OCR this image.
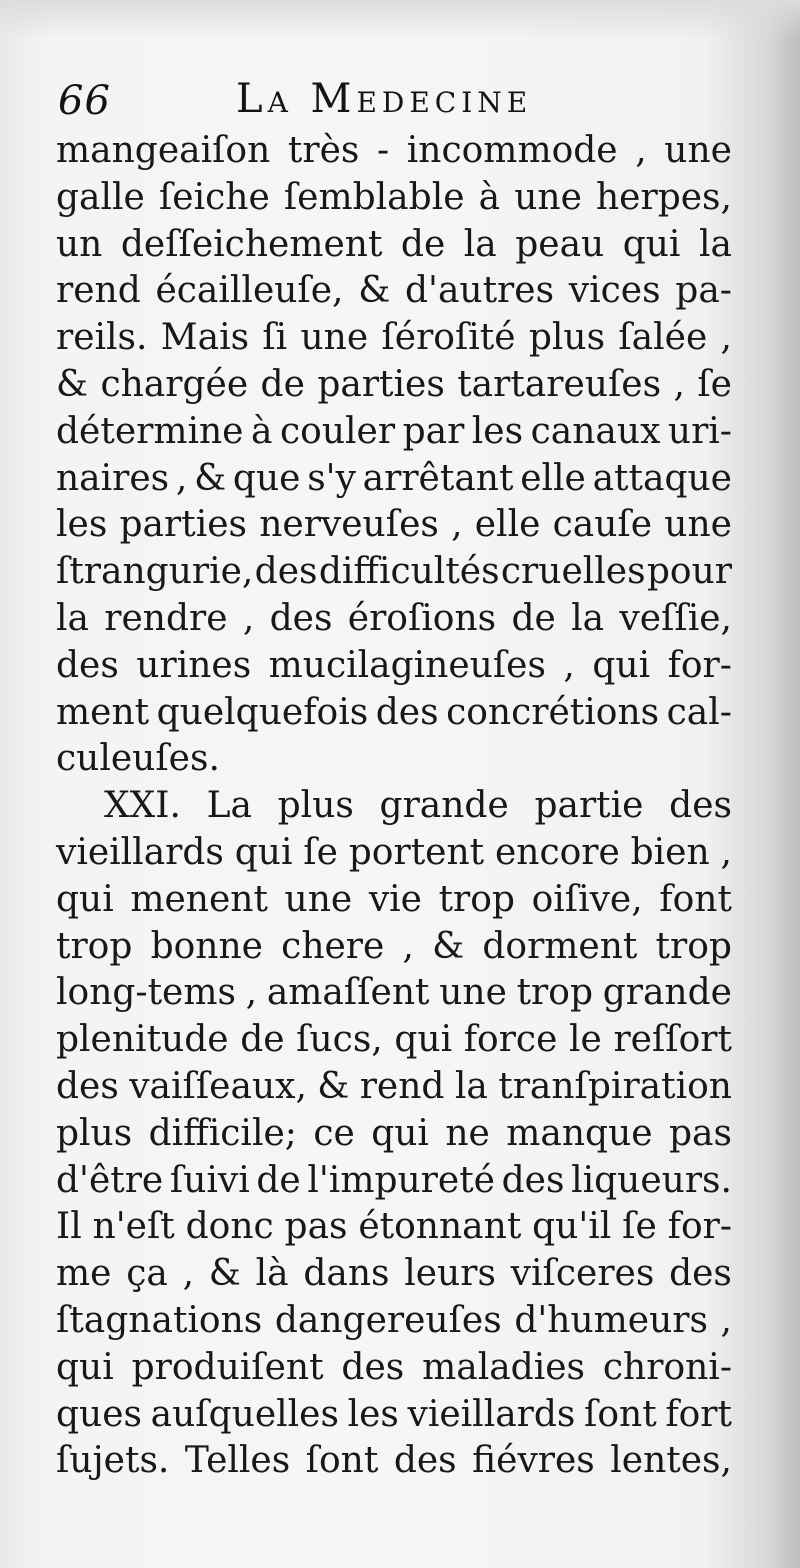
66	La Medecine
mangeaiſon très - incommode , une
galle ſeiche ſemblable à une herpes,
un deſſeichement de la peau qui la
rend écailleuſe, & d'autres vices pa-
reils. Mais ſi une ſéroſité plus ſalée ,
& chargée de parties tartareuſes , ſe
détermine à couler par les canaux uri-
naires , & que s'y arrêtant elle attaque
les parties nerveuſes , elle cauſe une
ſtrangurie, des difficultés cruelles pour
la rendre , des éroſions de la veſſie,
des urines mucilagineuſes , qui for-
ment quelquefois des concrétions cal-
culeuſes.
XXI. La plus grande partie des
vieillards qui ſe portent encore bien ,
qui menent une vie trop oiſive, font
trop bonne chere , & dorment trop
long-tems , amaſſent une trop grande
plenitude de ſucs, qui force le reſſort
des vaiſſeaux, & rend la tranſpiration
plus difficile; ce qui ne manque pas
d'être ſuivi de l'impureté des liqueurs.
Il n'eſt donc pas étonnant qu'il ſe for-
me ça , & là dans leurs viſceres des
ſtagnations dangereuſes d'humeurs ,
qui produiſent des maladies chroni-
ques auſquelles les vieillards ſont fort
ſujets. Telles ſont des fiévres lentes,
